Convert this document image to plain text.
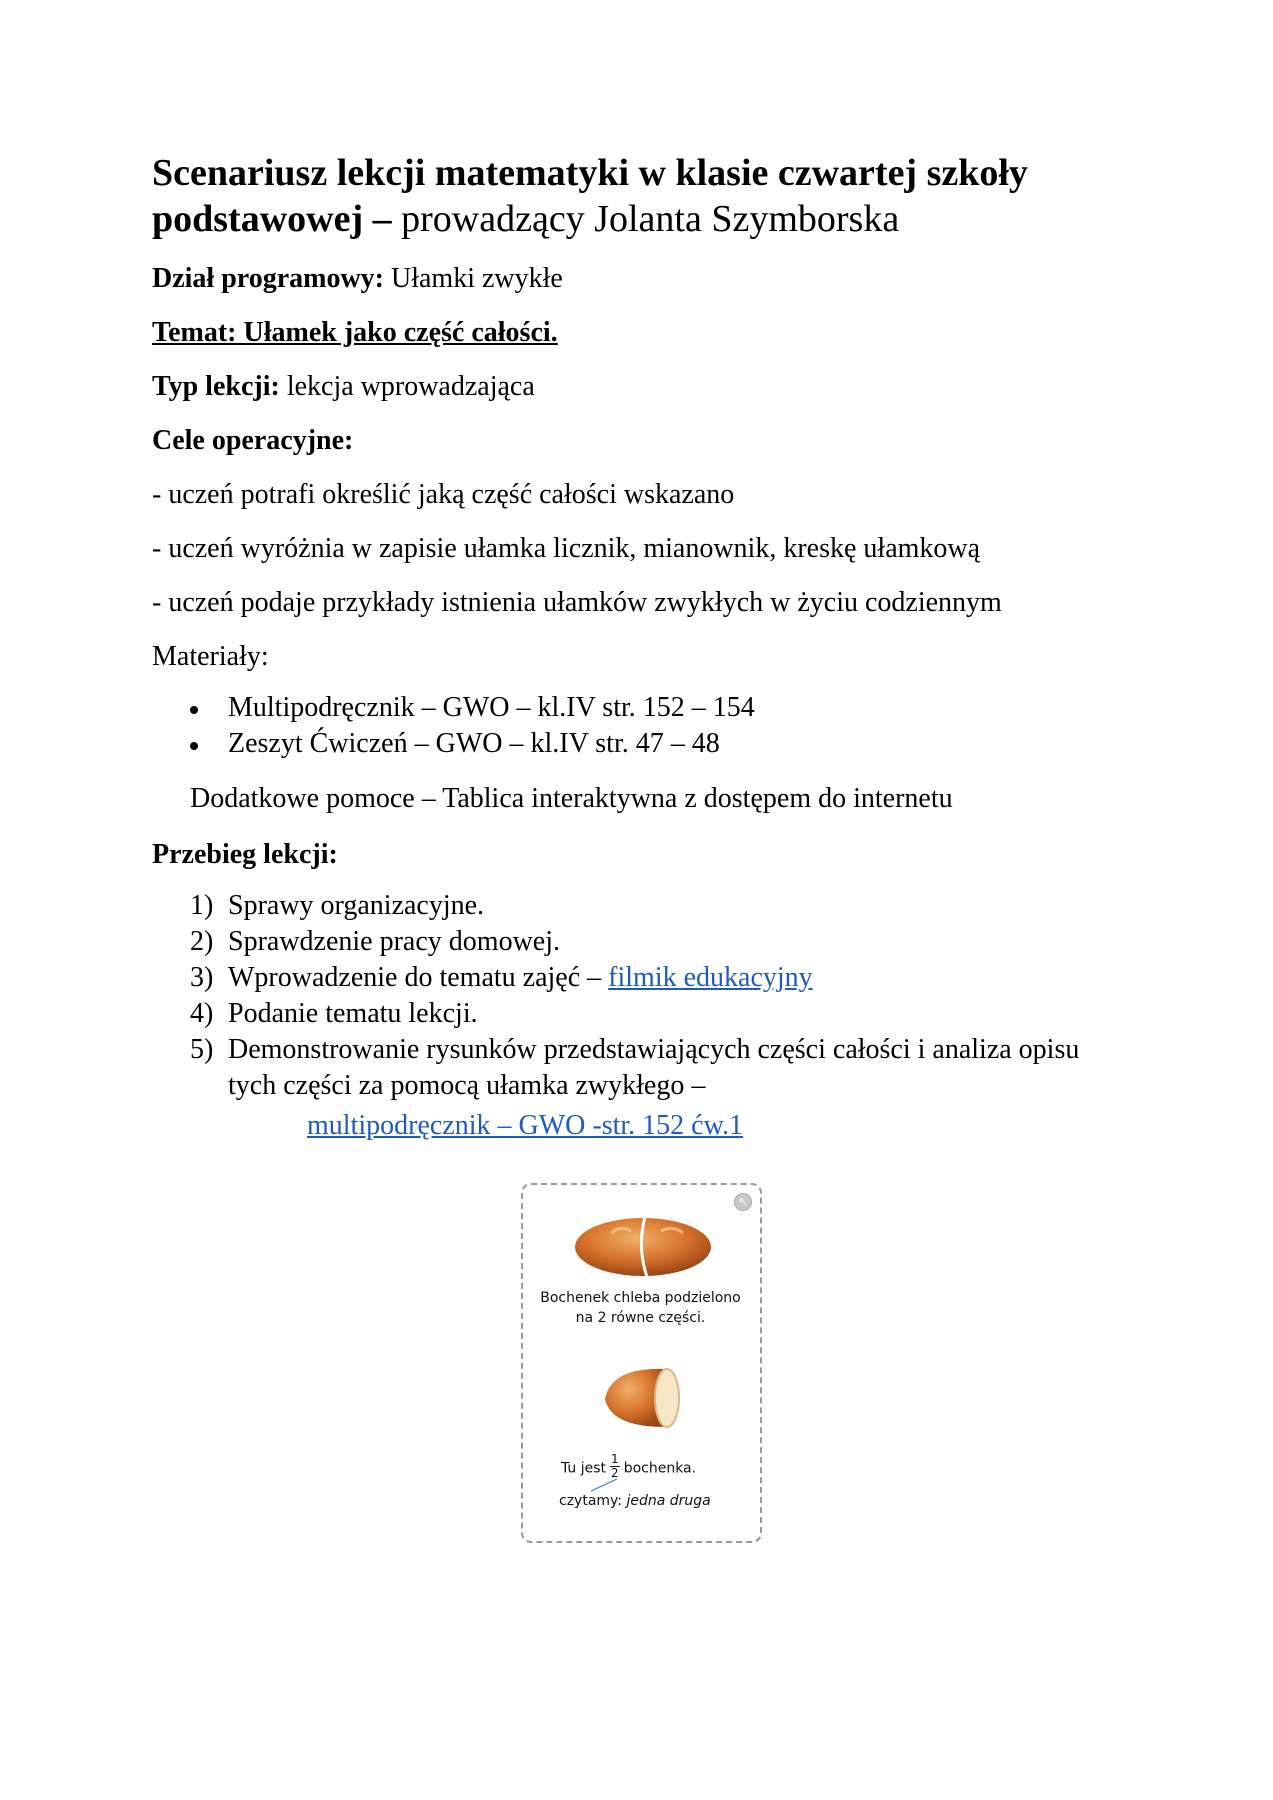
Scenariusz lekcji matematyki w klasie czwartej szkoły podstawowej – prowadzący Jolanta Szymborska
Dział programowy: Ułamki zwykłe
Temat: Ułamek jako część całości.
Typ lekcji: lekcja wprowadzająca
Cele operacyjne:
- uczeń potrafi określić jaką część całości wskazano
- uczeń wyróżnia w zapisie ułamka licznik, mianownik, kreskę ułamkową
- uczeń podaje przykłady istnienia ułamków zwykłych w życiu codziennym
Materiały:
Multipodręcznik – GWO – kl.IV str. 152 – 154
Zeszyt Ćwiczeń – GWO – kl.IV str. 47 – 48
Dodatkowe pomoce – Tablica interaktywna z dostępem do internetu
Przebieg lekcji:
1) Sprawy organizacyjne.
2) Sprawdzenie pracy domowej.
3) Wprowadzenie do tematu zajęć – filmik edukacyjny
4) Podanie tematu lekcji.
5) Demonstrowanie rysunków przedstawiających części całości i analiza opisu tych części za pomocą ułamka zwykłego –
multipodręcznik – GWO -str. 152 ćw.1
↖
Bochenek chleba podzielono na 2 równe części.
Tu jest $\frac{1}{2}$ bochenka.
czytamy: jedna druga
